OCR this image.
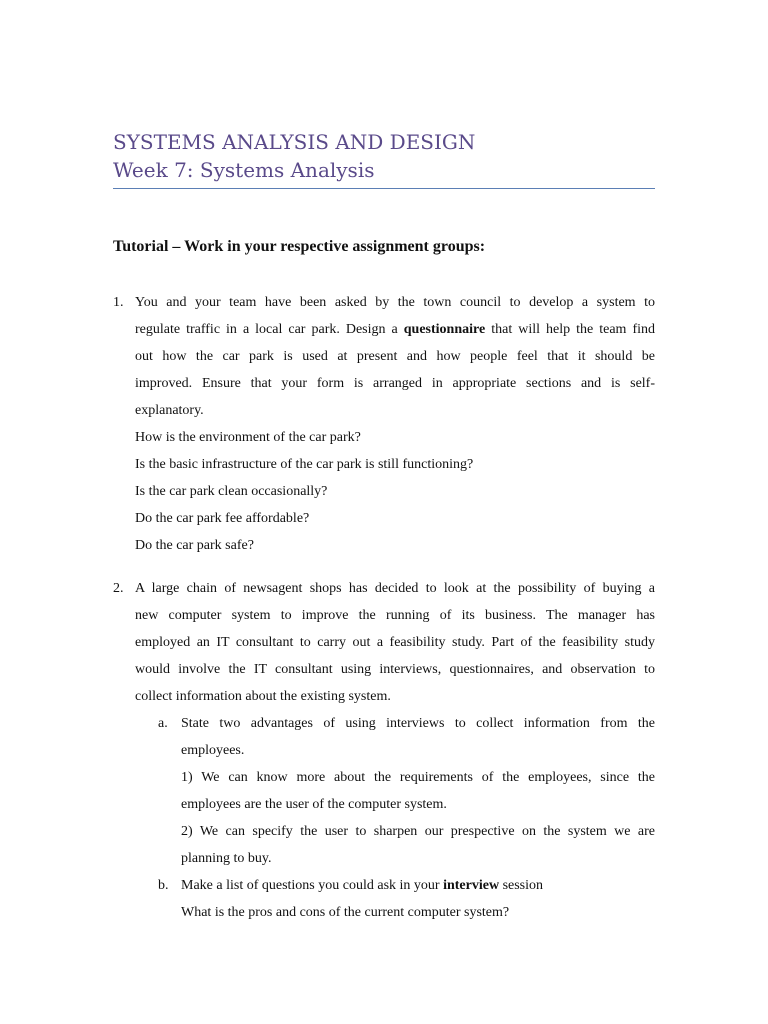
SYSTEMS ANALYSIS AND DESIGN
Week 7: Systems Analysis
Tutorial – Work in your respective assignment groups:
1. You and your team have been asked by the town council to develop a system to
regulate traffic in a local car park. Design a questionnaire that will help the team find
out how the car park is used at present and how people feel that it should be
improved. Ensure that your form is arranged in appropriate sections and is self-
explanatory.
How is the environment of the car park?
Is the basic infrastructure of the car park is still functioning?
Is the car park clean occasionally?
Do the car park fee affordable?
Do the car park safe?
2. A large chain of newsagent shops has decided to look at the possibility of buying a
new computer system to improve the running of its business. The manager has
employed an IT consultant to carry out a feasibility study. Part of the feasibility study
would involve the IT consultant using interviews, questionnaires, and observation to
collect information about the existing system.
a. State two advantages of using interviews to collect information from the
employees.
1) We can know more about the requirements of the employees, since the
employees are the user of the computer system.
2) We can specify the user to sharpen our prespective on the system we are
planning to buy.
b. Make a list of questions you could ask in your interview session
What is the pros and cons of the current computer system?
